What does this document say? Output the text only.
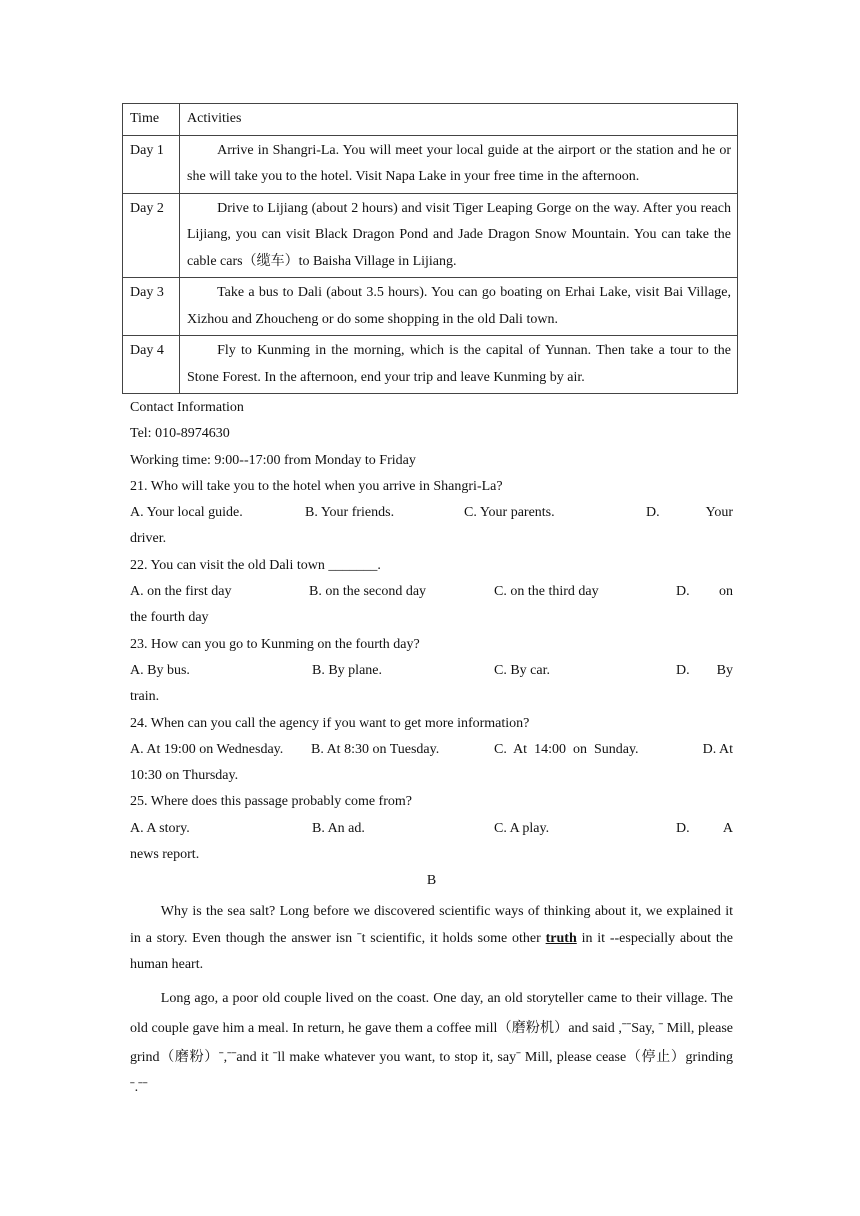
Time	Activities
Day 1	Arrive in Shangri-La. You will meet your local guide at the airport or the station and he or she will take you to the hotel. Visit Napa Lake in your free time in the afternoon.
Day 2	Drive to Lijiang (about 2 hours) and visit Tiger Leaping Gorge on the way. After you reach Lijiang, you can visit Black Dragon Pond and Jade Dragon Snow Mountain. You can take the cable cars（缆车）to Baisha Village in Lijiang.
Day 3	Take a bus to Dali (about 3.5 hours). You can go boating on Erhai Lake, visit Bai Village, Xizhou and Zhoucheng or do some shopping in the old Dali town.
Day 4	Fly to Kunming in the morning, which is the capital of Yunnan. Then take a tour to the Stone Forest. In the afternoon, end your trip and leave Kunming by air.
Contact Information
Tel: 010-8974630
Working time: 9:00--17:00 from Monday to Friday
21. Who will take you to the hotel when you arrive in Shangri-La?
A. Your local guide.	B. Your friends.	C. Your parents.	D.	Your
driver.
22. You can visit the old Dali town _______.
A. on the first day	B. on the second day	C. on the third day	D. on
the fourth day
23. How can you go to Kunming on the fourth day?
A. By bus.	B. By plane.	C. By car.	D. By
train.
24. When can you call the agency if you want to get more information?
A. At 19:00 on Wednesday. B. At 8:30 on Tuesday.	C.  At  14:00  on  Sunday.	D. At
10:30 on Thursday.
25. Where does this passage probably come from?
A. A story.	B. An ad.	C. A play.	D. A
news report.
B
Why is the sea salt? Long before we discovered scientific ways of thinking about it, we explained it in a story. Even though the answer isn ˉt scientific, it holds some other truth in it --especially about the human heart.
Long ago, a poor old couple lived on the coast. One day, an old storyteller came to their village. The old couple gave him a meal. In return, he gave them a coffee mill（磨粉机）and said ,ˉˉSay, ˉ Mill, please grind（磨粉）ˉ,ˉˉand it ˉll make whatever you want, to stop it, sayˉ Mill, please cease（停止）grinding ˉ.ˉˉ
